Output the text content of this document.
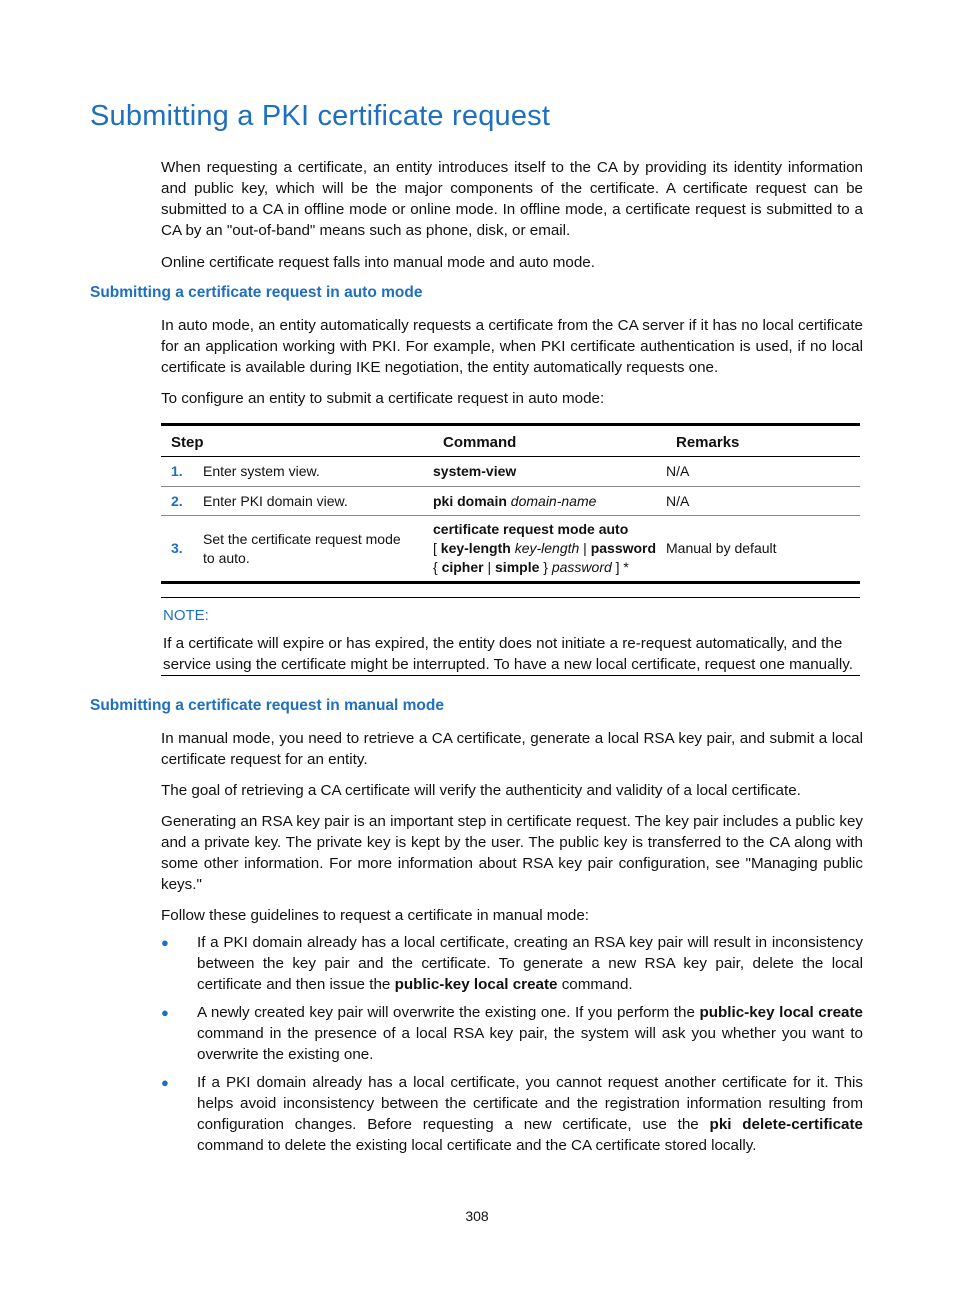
Submitting a PKI certificate request
When requesting a certificate, an entity introduces itself to the CA by providing its identity information and public key, which will be the major components of the certificate. A certificate request can be submitted to a CA in offline mode or online mode. In offline mode, a certificate request is submitted to a CA by an "out-of-band" means such as phone, disk, or email.
Online certificate request falls into manual mode and auto mode.
Submitting a certificate request in auto mode
In auto mode, an entity automatically requests a certificate from the CA server if it has no local certificate for an application working with PKI. For example, when PKI certificate authentication is used, if no local certificate is available during IKE negotiation, the entity automatically requests one.
To configure an entity to submit a certificate request in auto mode:
Step		Command	Remarks
1.	Enter system view.	system-view	N/A
2.	Enter PKI domain view.	pki domain domain-name	N/A
3.	Set the certificate request mode to auto.	certificate request mode auto
[ key-length key-length | password
{ cipher | simple } password ] *	Manual by default
NOTE:
If a certificate will expire or has expired, the entity does not initiate a re-request automatically, and the service using the certificate might be interrupted. To have a new local certificate, request one manually.
Submitting a certificate request in manual mode
In manual mode, you need to retrieve a CA certificate, generate a local RSA key pair, and submit a local certificate request for an entity.
The goal of retrieving a CA certificate will verify the authenticity and validity of a local certificate.
Generating an RSA key pair is an important step in certificate request. The key pair includes a public key and a private key. The private key is kept by the user. The public key is transferred to the CA along with some other information. For more information about RSA key pair configuration, see "Managing public keys."
Follow these guidelines to request a certificate in manual mode:
● If a PKI domain already has a local certificate, creating an RSA key pair will result in inconsistency between the key pair and the certificate. To generate a new RSA key pair, delete the local certificate and then issue the public-key local create command.
● A newly created key pair will overwrite the existing one. If you perform the public-key local create command in the presence of a local RSA key pair, the system will ask you whether you want to overwrite the existing one.
● If a PKI domain already has a local certificate, you cannot request another certificate for it. This helps avoid inconsistency between the certificate and the registration information resulting from configuration changes. Before requesting a new certificate, use the pki delete-certificate command to delete the existing local certificate and the CA certificate stored locally.
308
